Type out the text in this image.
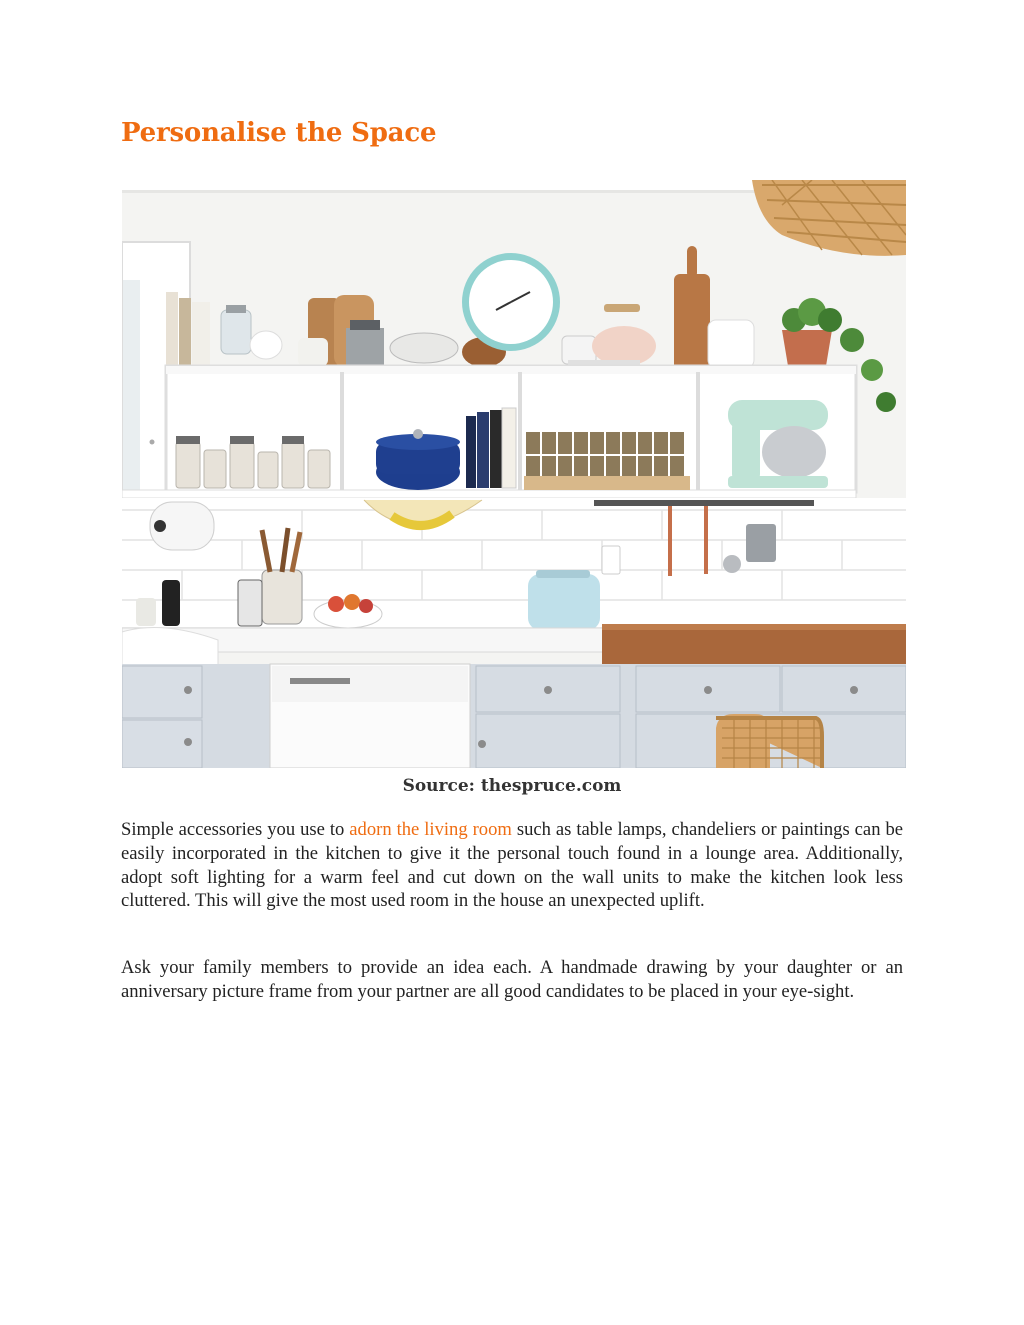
Personalise the Space
Source: thespruce.com

Simple accessories you use to adorn the living room such as table lamps, chandeliers or paintings can be easily incorporated in the kitchen to give it the personal touch found in a lounge area. Additionally, adopt soft lighting for a warm feel and cut down on the wall units to make the kitchen look less cluttered. This will give the most used room in the house an unexpected uplift.

Ask your family members to provide an idea each. A handmade drawing by your daughter or an anniversary picture frame from your partner are all good candidates to be placed in your eye-sight.
